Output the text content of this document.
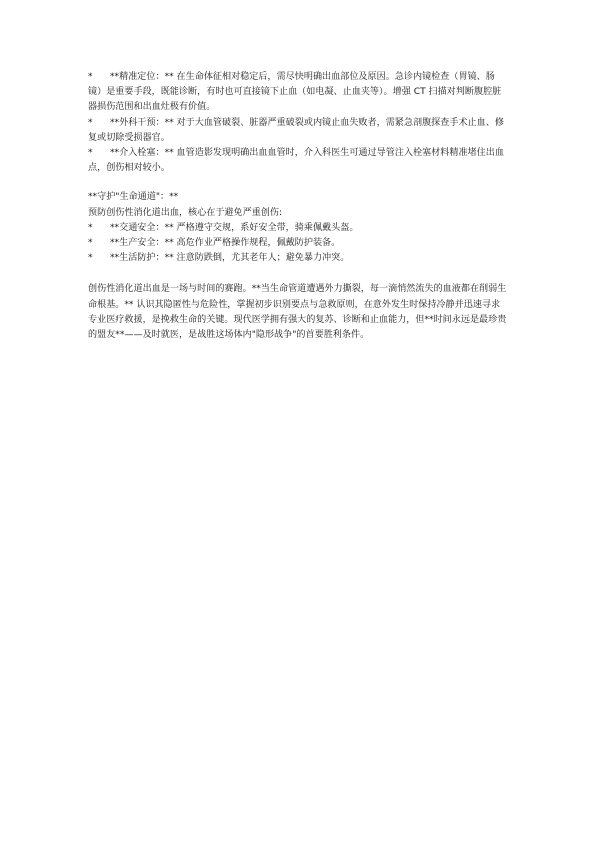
* **精准定位：** 在生命体征相对稳定后，需尽快明确出血部位及原因。急诊内镜检查（胃镜、肠镜）是重要手段，既能诊断，有时也可直接镜下止血（如电凝、止血夹等）。增强 CT 扫描对判断腹腔脏器损伤范围和出血灶极有价值。

* **外科干预：** 对于大血管破裂、脏器严重破裂或内镜止血失败者，需紧急剖腹探查手术止血、修复或切除受损器官。

* **介入栓塞：** 血管造影发现明确出血血管时，介入科医生可通过导管注入栓塞材料精准堵住出血点，创伤相对较小。

**守护"生命通道"：**

预防创伤性消化道出血，核心在于避免严重创伤:

* **交通安全：** 严格遵守交规，系好安全带，骑乘佩戴头盔。

* **生产安全：** 高危作业严格操作规程，佩戴防护装备。

* **生活防护：** 注意防跌倒，尤其老年人；避免暴力冲突。

创伤性消化道出血是一场与时间的赛跑。**当生命管道遭遇外力撕裂，每一滴悄然流失的血液都在削弱生命根基。** 认识其隐匿性与危险性，掌握初步识别要点与急救原则，在意外发生时保持冷静并迅速寻求专业医疗救援，是挽救生命的关键。现代医学拥有强大的复苏、诊断和止血能力，但**时间永远是最珍贵的盟友**——及时就医，是战胜这场体内"隐形战争"的首要胜利条件。
